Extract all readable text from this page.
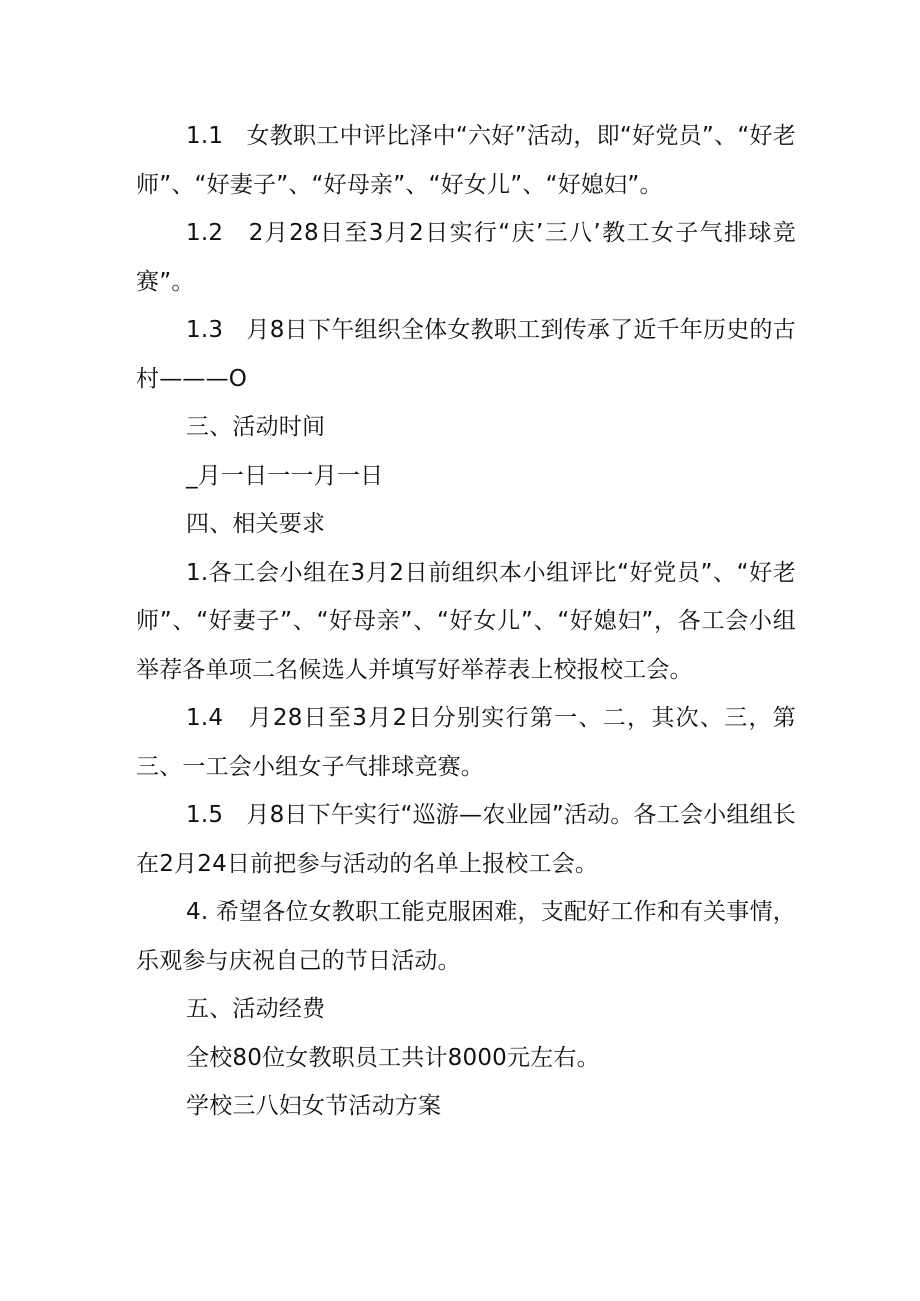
1.1　女教职工中评比泽中“六好”活动，即“好党员”、“好老师”、“好妻子”、“好母亲”、“好女儿”、“好媳妇”。

1.2　2月28日至3月2日实行“庆’三八’教工女子气排球竞赛”。

1.3　月8日下午组织全体女教职工到传承了近千年历史的古村———O

三、活动时间

_月一日一一月一日

四、相关要求

1.各工会小组在3月2日前组织本小组评比“好党员”、“好老师”、“好妻子”、“好母亲”、“好女儿”、“好媳妇”，各工会小组举荐各单项二名候选人并填写好举荐表上校报校工会。

1.4　月28日至3月2日分别实行第一、二，其次、三，第三、一工会小组女子气排球竞赛。

1.5　月8日下午实行“巡游—农业园”活动。各工会小组组长在2月24日前把参与活动的名单上报校工会。

4. 希望各位女教职工能克服困难，支配好工作和有关事情，乐观参与庆祝自己的节日活动。

五、活动经费

全校80位女教职员工共计8000元左右。

学校三八妇女节活动方案
